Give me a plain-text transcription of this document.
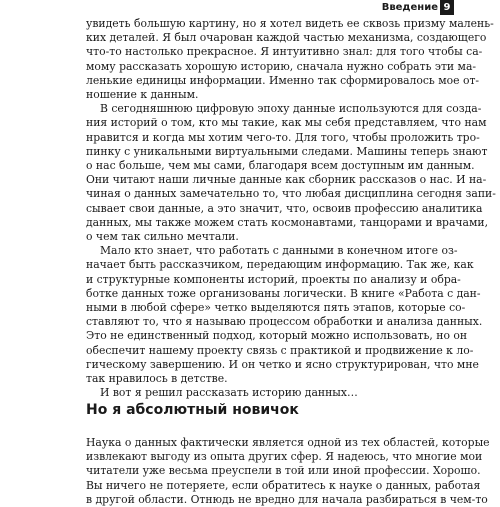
Введение 9
увидеть большую картину, но я хотел видеть ее сквозь призму малень-
ких деталей. Я был очарован каждой частью механизма, создающего
что-то настолько прекрасное. Я интуитивно знал: для того чтобы са-
мому рассказать хорошую историю, сначала нужно собрать эти ма-
ленькие единицы информации. Именно так сформировалось мое от-
ношение к данным.
В сегодняшнюю цифровую эпоху данные используются для созда-
ния историй о том, кто мы такие, как мы себя представляем, что нам
нравится и когда мы хотим чего-то. Для того, чтобы проложить тро-
пинку с уникальными виртуальными следами. Машины теперь знают
о нас больше, чем мы сами, благодаря всем доступным им данным.
Они читают наши личные данные как сборник рассказов о нас. И на-
чиная о данных замечательно то, что любая дисциплина сегодня запи-
сывает свои данные, а это значит, что, освоив профессию аналитика
данных, мы также можем стать космонавтами, танцорами и врачами,
о чем так сильно мечтали.
Мало кто знает, что работать с данными в конечном итоге оз-
начает быть рассказчиком, передающим информацию. Так же, как
и структурные компоненты историй, проекты по анализу и обра-
ботке данных тоже организованы логически. В книге «Работа с дан-
ными в любой сфере» четко выделяются пять этапов, которые со-
ставляют то, что я называю процессом обработки и анализа данных.
Это не единственный подход, который можно использовать, но он
обеспечит нашему проекту связь с практикой и продвижение к ло-
гическому завершению. И он четко и ясно структурирован, что мне
так нравилось в детстве.
И вот я решил рассказать историю данных…
Но я абсолютный новичок
Наука о данных фактически является одной из тех областей, которые
извлекают выгоду из опыта других сфер. Я надеюсь, что многие мои
читатели уже весьма преуспели в той или иной профессии. Хорошо.
Вы ничего не потеряете, если обратитесь к науке о данных, работая
в другой области. Отнюдь не вредно для начала разбираться в чем-то
